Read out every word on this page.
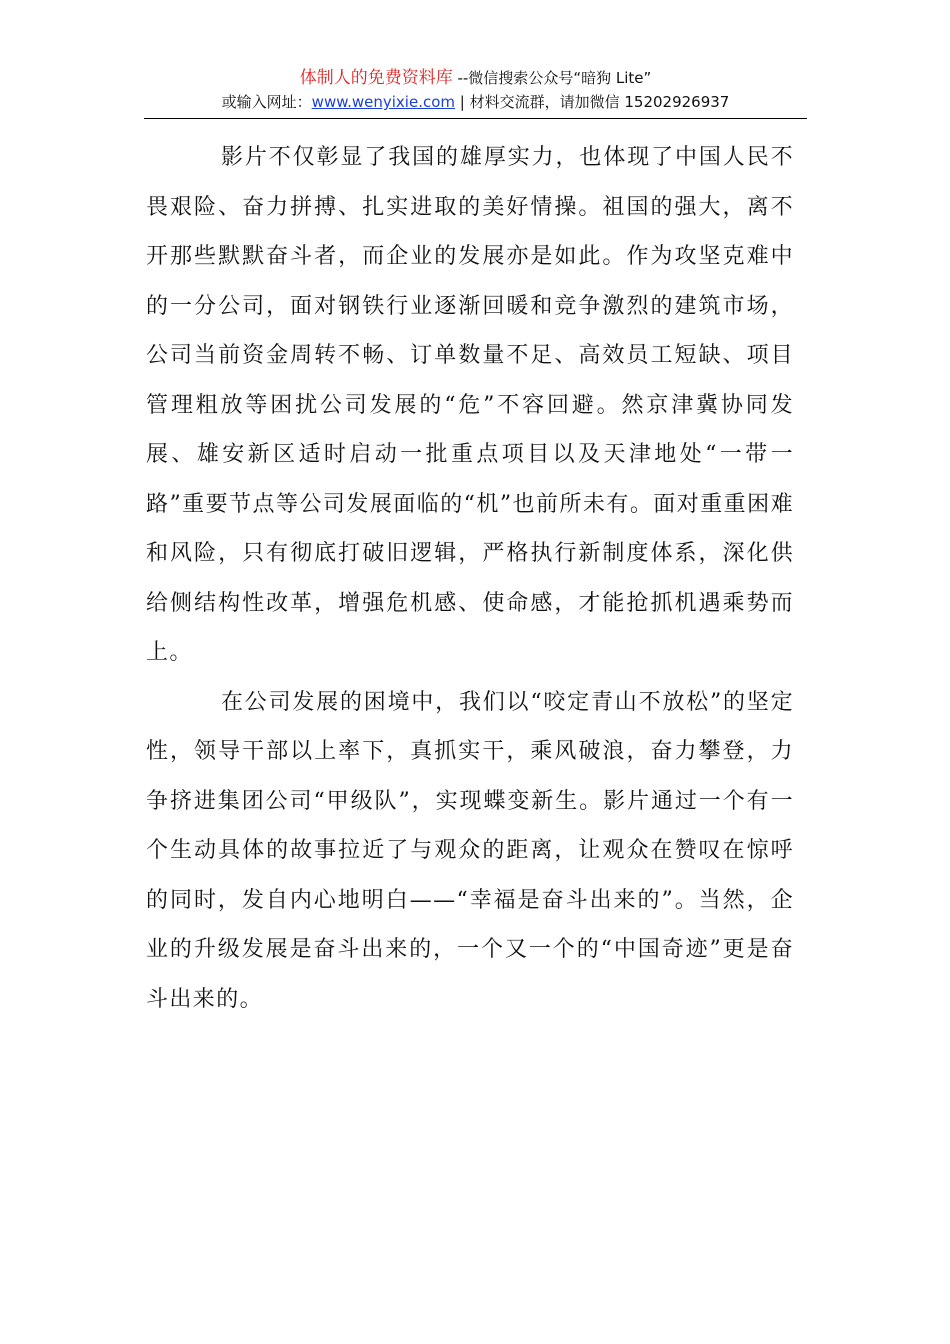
体制人的免费资料库 --微信搜索公众号“暗狗 Lite”
或输入网址：www.wenyixie.com | 材料交流群，请加微信 15202926937

影片不仅彰显了我国的雄厚实力，也体现了中国人民不畏艰险、奋力拼搏、扎实进取的美好情操。祖国的强大，离不开那些默默奋斗者，而企业的发展亦是如此。作为攻坚克难中的一分公司，面对钢铁行业逐渐回暖和竞争激烈的建筑市场，公司当前资金周转不畅、订单数量不足、高效员工短缺、项目管理粗放等困扰公司发展的“危”不容回避。然京津冀协同发展、雄安新区适时启动一批重点项目以及天津地处“一带一路”重要节点等公司发展面临的“机”也前所未有。面对重重困难和风险，只有彻底打破旧逻辑，严格执行新制度体系，深化供给侧结构性改革，增强危机感、使命感，才能抢抓机遇乘势而上。

在公司发展的困境中，我们以“咬定青山不放松”的坚定性，领导干部以上率下，真抓实干，乘风破浪，奋力攀登，力争挤进集团公司“甲级队”，实现蝶变新生。影片通过一个有一个生动具体的故事拉近了与观众的距离，让观众在赞叹在惊呼的同时，发自内心地明白——“幸福是奋斗出来的”。当然，企业的升级发展是奋斗出来的，一个又一个的“中国奇迹”更是奋斗出来的。
